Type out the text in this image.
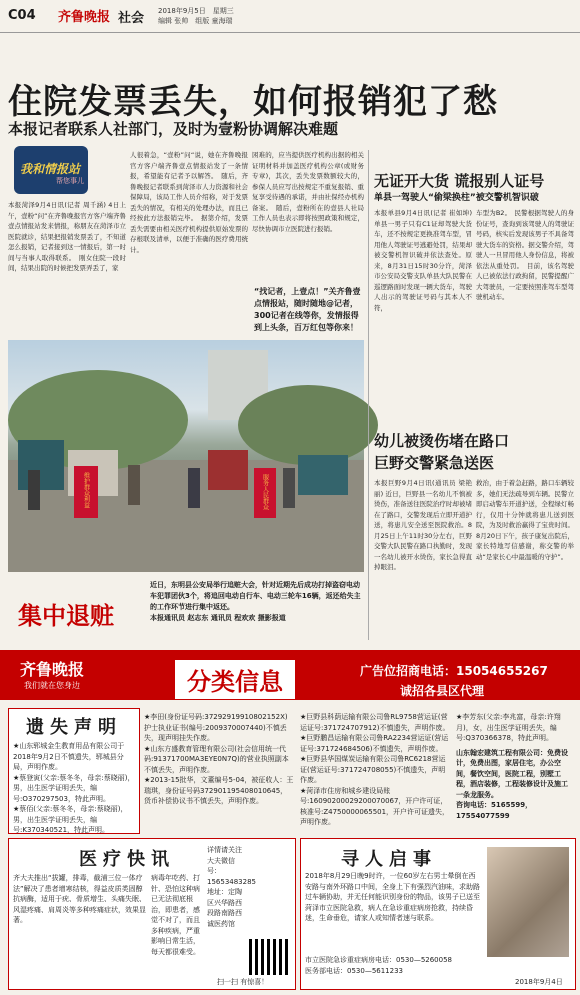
C04 齐鲁晚报 社会 2018年9月5日　星期三
编辑 张帅　组版 童海瑞
住院发票丢失，如何报销犯了愁
本报记者联系人社部门，及时为壹粉协调解决难题
我和情报站
帮您事儿
本报菏泽9月4日讯(记者 周千涵) 4日上午，壹粉“问”在齐鲁晚报官方客户端齐鲁壹点情报站发来情报，称朋友在菏泽市立医院就诊，结果把报销发票丢了，不知道怎么报销，记者接到这一情报后，第一时间与当事人取得联系。　刚女住院一段时间，结果出院的时候把发票弄丢了，家
人很着急，“壹粉”问“说，她在齐鲁晚报官方客户端齐鲁壹点情报站发了一条情报，希望能有记者予以解答。　随后，齐鲁晚报记者联系到菏泽市人力资源和社会保障局，该局工作人员介绍称，对于发票丢失的情况，有相关的处理办法，而且已经按此方法报销完毕。　据第介绍，发票丢失需要由相关医疗机构提供原始发票的存根联及清单，以便于准确的医疗费用统计。
困难的，应当提供医疗机构出据的相关证明材料并加盖医疗机构公章(或财务专章)，其次，丢失发票数额较大的，参保人员应写出按规定不重复报销、重复享受待遇的承诺，并由社保经办机构备案。　随后，壹粉所在的壹县人社局工作人员也表示即将按照政策和规定，尽快协调市立医院进行报销。
“找记者，上壹点！”关齐鲁壹点情报站，随时随地@记者，300记者在线等你，发情报得到上头条，百万红包等你来！
维护群众利益	服务人民群众
集中退赃
近日，东明县公安局举行追赃大会，针对近期先后成功打掉盗窃电动车犯罪团伙3个，将追回电动自行车、电动三轮车16辆，返还给失主的工作环节进行集中返还。
本报通讯员 赵志东 通讯员 程欢欢 摄影报道
无证开大货 谎报别人证号
单县一驾驶人“偷梁换柱”被交警机智识破
本报单县9月4日讯(记者 崔如坤) 单县一男子只有C1证却驾驶大货车，还不按规定更换准驾车型，冒用他人驾驶证号逃避处罚，结果却被交警机智识破并依法查处。原来，8月31日15时30分许，菏泽市公安局交警支队单县大队民警在巡逻路面时发现一辆大货车，驾驶人出示的驾驶证号码与其本人不符，
车型为B2。　民警根据驾驶人的身份证号，查询到该驾驶人的驾驶证号码，核实后发现该男子不具备驾驶大货车的资格。据交警介绍，驾驶人一旦冒用他人身份信息，将被依法从重处罚。　目前，该名驾驶人已被依法行政拘留，民警提醒广大驾驶员，一定要按照准驾车型驾驶机动车。
幼儿被烫伤堵在路口
巨野交警紧急送医
本报巨野9月4日讯(通讯员 梁艳丽) 近日，巨野县一名幼儿不慎被烫伤，准备送往医院治疗时却被堵在了路口，交警发现后立即开道护送，将患儿安全送至医院救治。8月25日上午11时30分左右，巨野交警大队民警在路口执勤时，发现一名幼儿被开水烫伤，家长急得直掉眼泪。
救治，由于着急赶路，路口车辆较多，她们无法疏导到车辆。民警立即启动警车开道护送，全程绿灯畅行，仅用十分钟就将患儿送到医院，为及时救治赢得了宝贵时间。8月20日下午，孩子康复出院后，家长特地写信感谢，称交警的举动“是家长心中最温暖的守护”。
齐鲁晚报
我们就在您身边	分类信息	广告位招商电话：15054655267
诚招各县区代理
遗失声明
★山东郓城金生教育用品有限公司于2018年9月2日不慎遗失，郓城县分局，声明作废。
★蔡登寅(父亲:蔡冬冬，母亲:蔡晓丽)，男，出生医学证明丢失，编号:O370297503，特此声明。
★蔡佰(父亲:蔡冬冬，母亲:蔡晓丽)，男，出生医学证明丢失，编号:K370340521，特此声明。
★李田(身份证号码:37292919910802152X)护士执业证书(编号:2009370007440)不慎丢失，现声明挂失作废。
★山东方盛教育管理有限公司(社会信用统一代码:91371700MA3EYE0N7Q)的营业执照副本不慎丢失，声明作废。
★2013-15批华，文董编号5-04，被征收人：王瑞琪，身份证号码372901195408010645，货币补偿协议书不慎丢失，声明作废。
★巨野县科荫运输有限公司鲁RL9758营运证(营运证号:371724707912)不慎遗失，声明作废。
★巨野鹏昌运输有限公司鲁RA2234营运证(营运证号:371724684506)不慎遗失，声明作废。
★巨野县华国煤炭运输有限公司鲁RC6218营运证(营运证号:371724708055)不慎遗失，声明作废。
★菏泽市住房和城乡建设局账号:16090200029200070067，开户许可证，核准号:Z4750000065501，开户许可证遗失，声明作废。
★李芳东(父亲:李兆富，母亲:许翔月)，女，出生医学证明丢失，编号:Q370366378，特此声明。
山东翰宏建筑工程有限公司：免费设计，免费出图，家居住宅，办公空间，餐饮空间，医院工程，别墅工程，酒店装修，工程装修设计及施工一条龙服务。
咨询电话：5165599，17554077599
医疗快讯
齐大夫推出“拔罐，排毒，截浦三位一体疗法”解决了患者增寒结核，得益皮质类固醇抗病酶，适用于疣、骨质增生、头痛失眠、风湿疼痛、肩周炎等多种疼痛症状，效果显著。
病毒年吃药、打针、恐怕这种病已无法彻底根治，即患者，感觉不对了，而且多种疾病，严重影响日常生活，每天都很难受。
详情请关注大夫微信号：15653483285
地址：定陶区兴华路西段路南路西诚医药馆
扫一扫 有惊喜！
寻人启事
2018年8月29日晚9时许，一位60岁左右男士晕倒在西安路与南外环路口中间，全身上下有强烈汽油味，求助路过车辆协助，并无任何能识别身份的物品，该男子已送至菏泽市立医院急救，病人在急诊重症病房抢救，持续昏迷，生命垂危，请家人或知情者速与联系。
市立医院急诊重症病房电话：0530—5260058
医务部电话：0530—5611233
2018年9月4日
